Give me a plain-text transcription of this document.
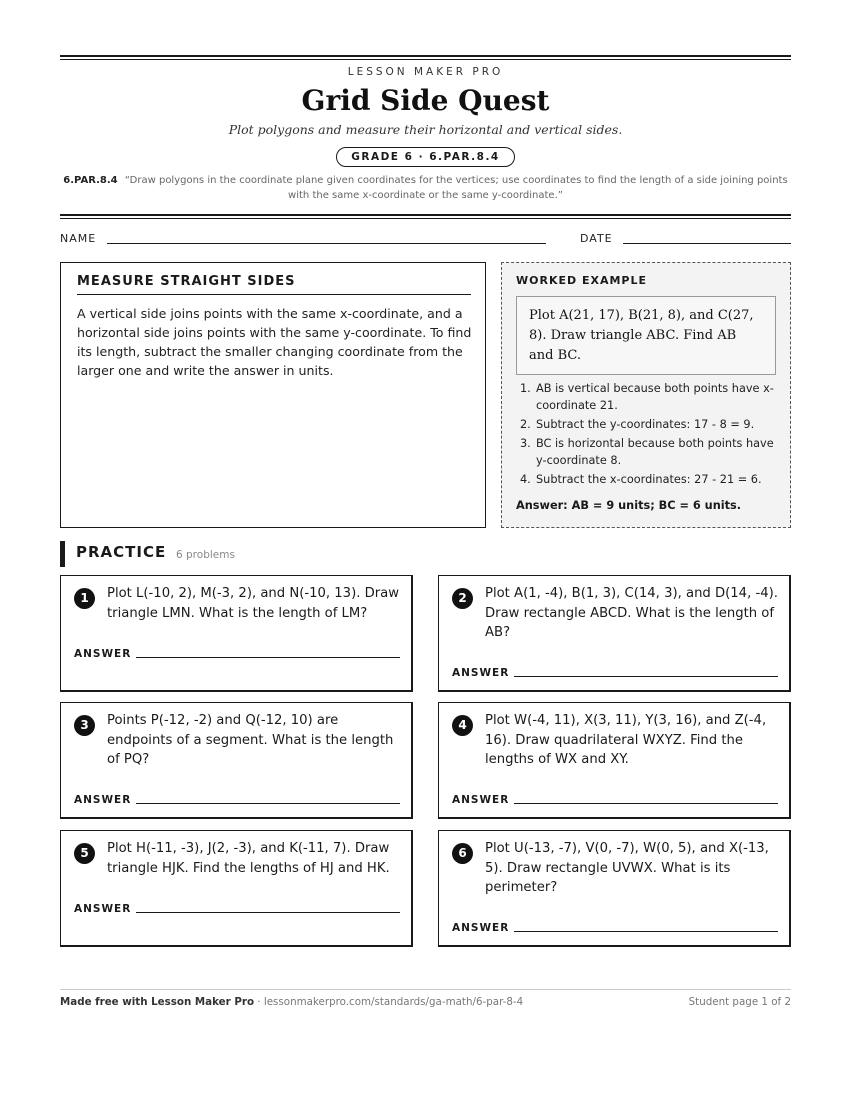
LESSON MAKER PRO
Grid Side Quest
Plot polygons and measure their horizontal and vertical sides.
GRADE 6 · 6.PAR.8.4
6.PAR.8.4 “Draw polygons in the coordinate plane given coordinates for the vertices; use coordinates to find the length of a side joining points with the same x-coordinate or the same y-coordinate.”
NAME	DATE
MEASURE STRAIGHT SIDES
A vertical side joins points with the same x-coordinate, and a horizontal side joins points with the same y-coordinate. To find its length, subtract the smaller changing coordinate from the larger one and write the answer in units.
WORKED EXAMPLE
Plot A(21, 17), B(21, 8), and C(27, 8). Draw triangle ABC. Find AB and BC.
1. AB is vertical because both points have x-coordinate 21.
2. Subtract the y-coordinates: 17 - 8 = 9.
3. BC is horizontal because both points have y-coordinate 8.
4. Subtract the x-coordinates: 27 - 21 = 6.
Answer: AB = 9 units; BC = 6 units.
PRACTICE 6 problems
1	Plot L(-10, 2), M(-3, 2), and N(-10, 13). Draw triangle LMN. What is the length of LM?
ANSWER
2	Plot A(1, -4), B(1, 3), C(14, 3), and D(14, -4). Draw rectangle ABCD. What is the length of AB?
ANSWER
3	Points P(-12, -2) and Q(-12, 10) are endpoints of a segment. What is the length of PQ?
ANSWER
4	Plot W(-4, 11), X(3, 11), Y(3, 16), and Z(-4, 16). Draw quadrilateral WXYZ. Find the lengths of WX and XY.
ANSWER
5	Plot H(-11, -3), J(2, -3), and K(-11, 7). Draw triangle HJK. Find the lengths of HJ and HK.
ANSWER
6	Plot U(-13, -7), V(0, -7), W(0, 5), and X(-13, 5). Draw rectangle UVWX. What is its perimeter?
ANSWER
Made free with Lesson Maker Pro · lessonmakerpro.com/standards/ga-math/6-par-8-4	Student page 1 of 2
